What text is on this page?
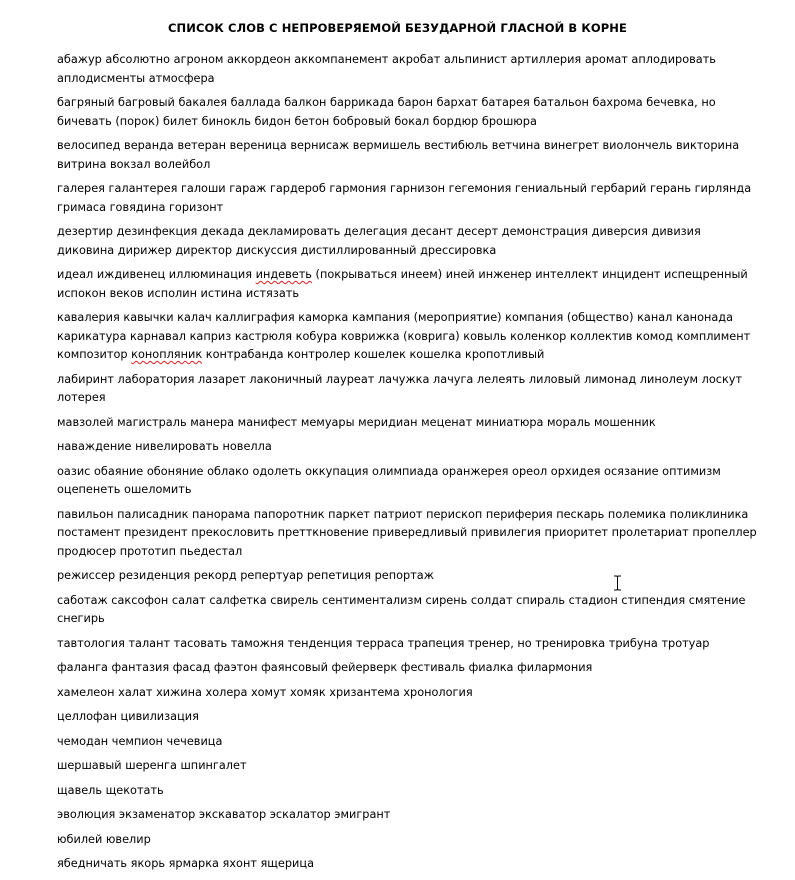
СПИСОК СЛОВ С НЕПРОВЕРЯЕМОЙ БЕЗУДАРНОЙ ГЛАСНОЙ В КОРНЕ

абажур абсолютно агроном аккордеон аккомпанемент акробат альпинист артиллерия аромат аплодировать аплодисменты атмосфера

багряный багровый бакалея баллада балкон баррикада барон бархат батарея батальон бахрома бечевка, но бичевать (порок) билет бинокль бидон бетон бобровый бокал бордюр брошюра

велосипед веранда ветеран вереница вернисаж вермишель вестибюль ветчина винегрет виолончель викторина витрина вокзал волейбол

галерея галантерея галоши гараж гардероб гармония гарнизон гегемония гениальный гербарий герань гирлянда гримаса говядина горизонт

дезертир дезинфекция декада декламировать делегация десант десерт демонстрация диверсия дивизия диковина дирижер директор дискуссия дистиллированный дрессировка

идеал иждивенец иллюминация индеветь (покрываться инеем) иней инженер интеллект инцидент испещренный испокон веков исполин истина истязать

кавалерия кавычки калач каллиграфия каморка кампания (мероприятие) компания (общество) канал канонада карикатура карнавал каприз кастрюля кобура коврижка (коврига) ковыль коленкор коллектив комод комплимент композитор конопляник контрабанда контролер кошелек кошелка кропотливый

лабиринт лаборатория лазарет лаконичный лауреат лачужка лачуга лелеять лиловый лимонад линолеум лоскут лотерея

мавзолей магистраль манера манифест мемуары меридиан меценат миниатюра мораль мошенник

наваждение нивелировать новелла

оазис обаяние обоняние облако одолеть оккупация олимпиада оранжерея ореол орхидея осязание оптимизм оцепенеть ошеломить

павильон палисадник панорама папоротник паркет патриот перископ периферия пескарь полемика поликлиника постамент президент прекословить претткновение привередливый привилегия приоритет пролетариат пропеллер продюсер прототип пьедестал

режиссер резиденция рекорд репертуар репетиция репортаж

саботаж саксофон салат салфетка свирель сентиментализм сирень солдат спираль стадион стипендия смятение снегирь

тавтология талант тасовать таможня тенденция терраса трапеция тренер, но тренировка трибуна тротуар

фаланга фантазия фасад фаэтон фаянсовый фейерверк фестиваль фиалка филармония

хамелеон халат хижина холера хомут хомяк хризантема хронология

целлофан цивилизация

чемодан чемпион чечевица

шершавый шеренга шпингалет

щавель щекотать

эволюция экзаменатор экскаватор эскалатор эмигрант

юбилей ювелир

ябедничать якорь ярмарка яхонт ящерица
